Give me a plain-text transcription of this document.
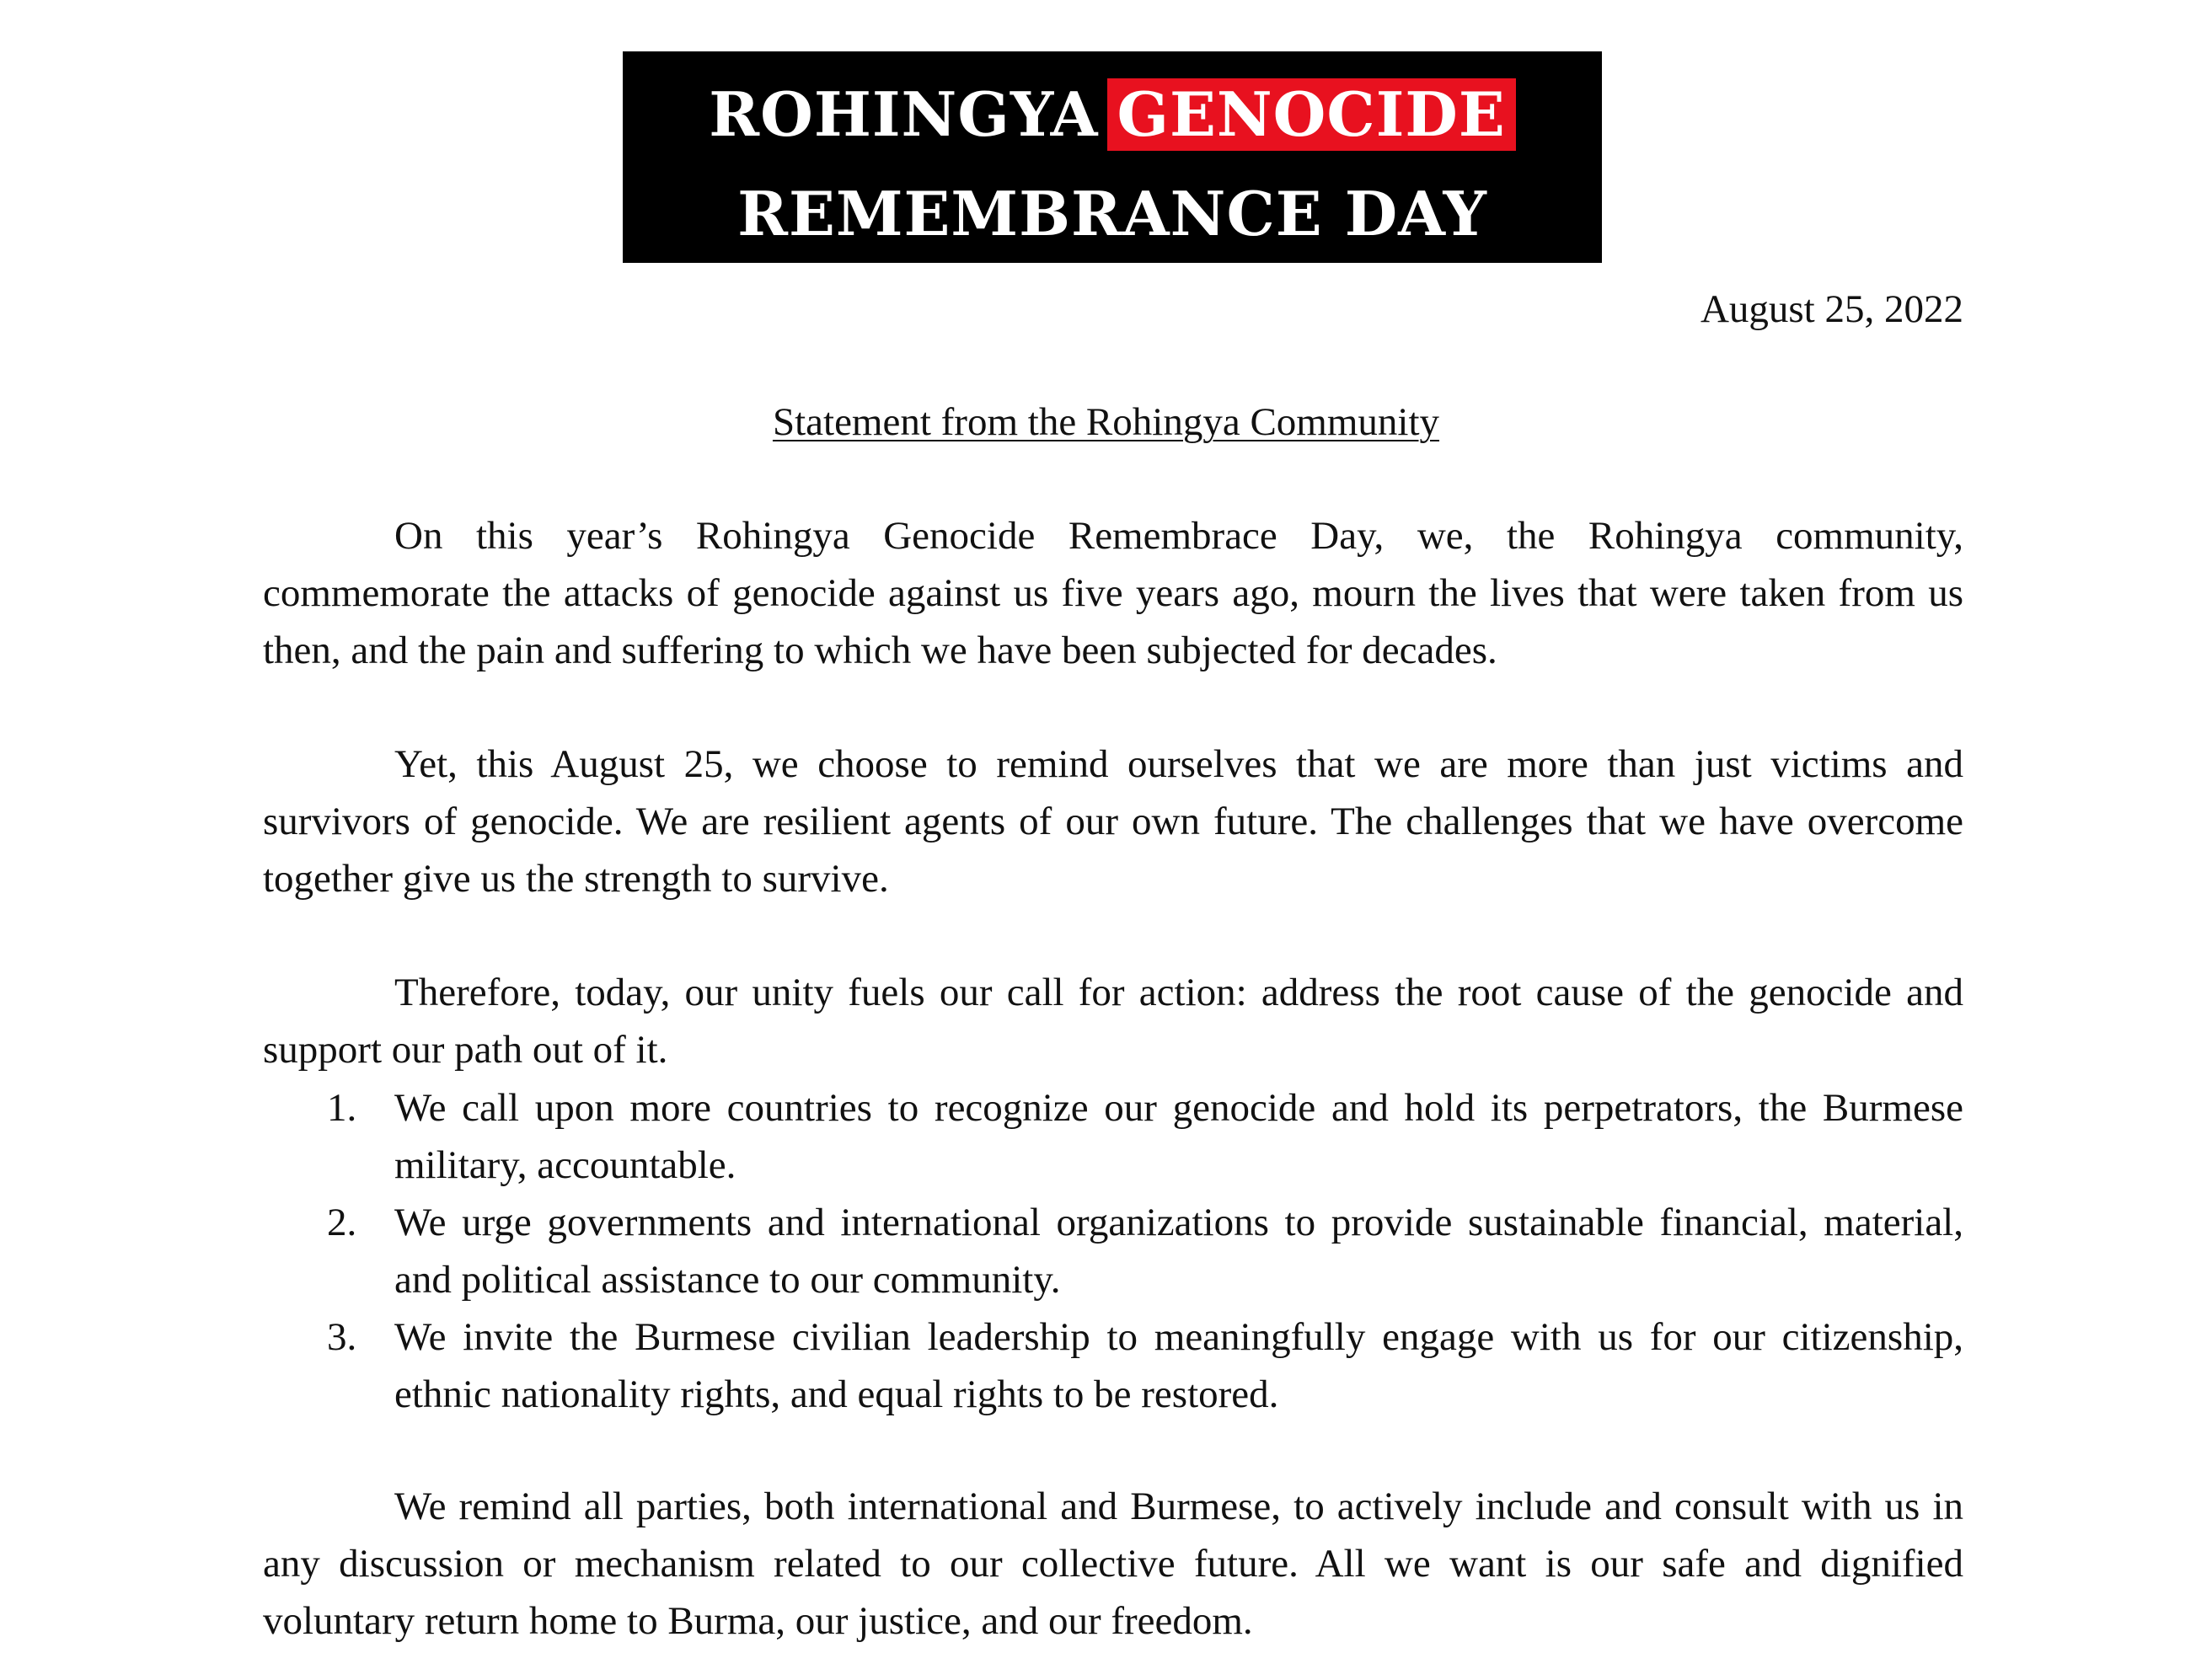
ROHINGYA GENOCIDE
REMEMBRANCE DAY
August 25, 2022
Statement from the Rohingya Community

On this year’s Rohingya Genocide Remembrace Day, we, the Rohingya community, commemorate the attacks of genocide against us five years ago, mourn the lives that were taken from us then, and the pain and suffering to which we have been subjected for decades.

Yet, this August 25, we choose to remind ourselves that we are more than just victims and survivors of genocide. We are resilient agents of our own future. The challenges that we have overcome together give us the strength to survive.

Therefore, today, our unity fuels our call for action: address the root cause of the genocide and support our path out of it.

1. We call upon more countries to recognize our genocide and hold its perpetrators, the Burmese military, accountable.
2. We urge governments and international organizations to provide sustainable financial, material, and political assistance to our community.
3. We invite the Burmese civilian leadership to meaningfully engage with us for our citizenship, ethnic nationality rights, and equal rights to be restored.

We remind all parties, both international and Burmese, to actively include and consult with us in any discussion or mechanism related to our collective future. All we want is our safe and dignified voluntary return home to Burma, our justice, and our freedom.
